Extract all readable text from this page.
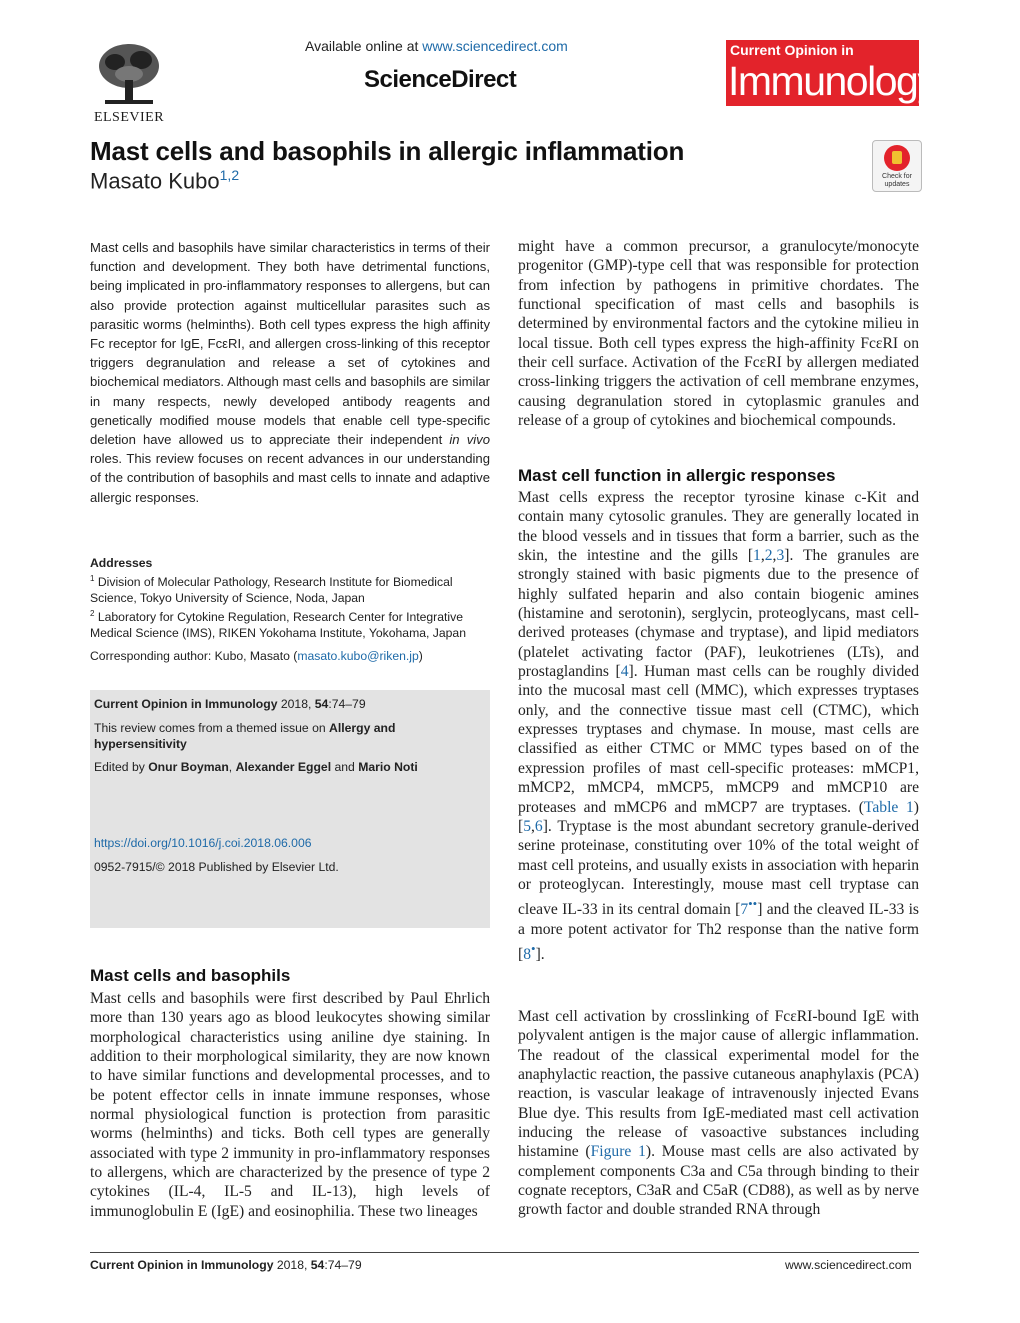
ELSEVIER
Available online at www.sciencedirect.com
ScienceDirect
Current Opinion in
Immunology
Mast cells and basophils in allergic inflammation
Masato Kubo$^{1,2}$	Check for updates
Mast cells and basophils have similar characteristics in terms of their function and development. They both have detrimental functions, being implicated in pro-inflammatory responses to allergens, but can also provide protection against multicellular parasites such as parasitic worms (helminths). Both cell types express the high affinity Fc receptor for IgE, FcεRI, and allergen cross-linking of this receptor triggers degranulation and release a set of cytokines and biochemical mediators. Although mast cells and basophils are similar in many respects, newly developed antibody reagents and genetically modified mouse models that enable cell type-specific deletion have allowed us to appreciate their independent in vivo roles. This review focuses on recent advances in our understanding of the contribution of basophils and mast cells to innate and adaptive allergic responses.
Addresses
$^1$ Division of Molecular Pathology, Research Institute for Biomedical Science, Tokyo University of Science, Noda, Japan
$^2$ Laboratory for Cytokine Regulation, Research Center for Integrative Medical Science (IMS), RIKEN Yokohama Institute, Yokohama, Japan
Corresponding author: Kubo, Masato (masato.kubo@riken.jp)
Current Opinion in Immunology 2018, 54:74–79
This review comes from a themed issue on Allergy and hypersensitivity
Edited by Onur Boyman, Alexander Eggel and Mario Noti
https://doi.org/10.1016/j.coi.2018.06.006
0952-7915/© 2018 Published by Elsevier Ltd.
Mast cells and basophils
Mast cells and basophils were first described by Paul Ehrlich more than 130 years ago as blood leukocytes showing similar morphological characteristics using aniline dye staining. In addition to their morphological similarity, they are now known to have similar functions and developmental processes, and to be potent effector cells in innate immune responses, whose normal physiological function is protection from parasitic worms (helminths) and ticks. Both cell types are generally associated with type 2 immunity in pro-inflammatory responses to allergens, which are characterized by the presence of type 2 cytokines (IL-4, IL-5 and IL-13), high levels of immunoglobulin E (IgE) and eosinophilia. These two lineages
might have a common precursor, a granulocyte/monocyte progenitor (GMP)-type cell that was responsible for protection from infection by pathogens in primitive chordates. The functional specification of mast cells and basophils is determined by environmental factors and the cytokine milieu in local tissue. Both cell types express the high-affinity FcεRI on their cell surface. Activation of the FcεRI by allergen mediated cross-linking triggers the activation of cell membrane enzymes, causing degranulation stored in cytoplasmic granules and release of a group of cytokines and biochemical compounds.
Mast cell function in allergic responses
Mast cells express the receptor tyrosine kinase c-Kit and contain many cytosolic granules. They are generally located in the blood vessels and in tissues that form a barrier, such as the skin, the intestine and the gills [1,2,3]. The granules are strongly stained with basic pigments due to the presence of highly sulfated heparin and also contain biogenic amines (histamine and serotonin), serglycin, proteoglycans, mast cell-derived proteases (chymase and tryptase), and lipid mediators (platelet activating factor (PAF), leukotrienes (LTs), and prostaglandins [4]. Human mast cells can be roughly divided into the mucosal mast cell (MMC), which expresses tryptases only, and the connective tissue mast cell (CTMC), which expresses tryptases and chymase. In mouse, mast cells are classified as either CTMC or MMC types based on of the expression profiles of mast cell-specific proteases: mMCP1, mMCP2, mMCP4, mMCP5, mMCP9 and mMCP10 are proteases and mMCP6 and mMCP7 are tryptases. (Table 1) [5,6]. Tryptase is the most abundant secretory granule-derived serine proteinase, constituting over 10% of the total weight of mast cell proteins, and usually exists in association with heparin or proteoglycan. Interestingly, mouse mast cell tryptase can cleave IL-33 in its central domain [7••] and the cleaved IL-33 is a more potent activator for Th2 response than the native form [8•].
Mast cell activation by crosslinking of FcεRI-bound IgE with polyvalent antigen is the major cause of allergic inflammation. The readout of the classical experimental model for the anaphylactic reaction, the passive cutaneous anaphylaxis (PCA) reaction, is vascular leakage of intravenously injected Evans Blue dye. This results from IgE-mediated mast cell activation inducing the release of vasoactive substances including histamine (Figure 1). Mouse mast cells are also activated by complement components C3a and C5a through binding to their cognate receptors, C3aR and C5aR (CD88), as well as by nerve growth factor and double stranded RNA through
Current Opinion in Immunology 2018, 54:74–79	www.sciencedirect.com
